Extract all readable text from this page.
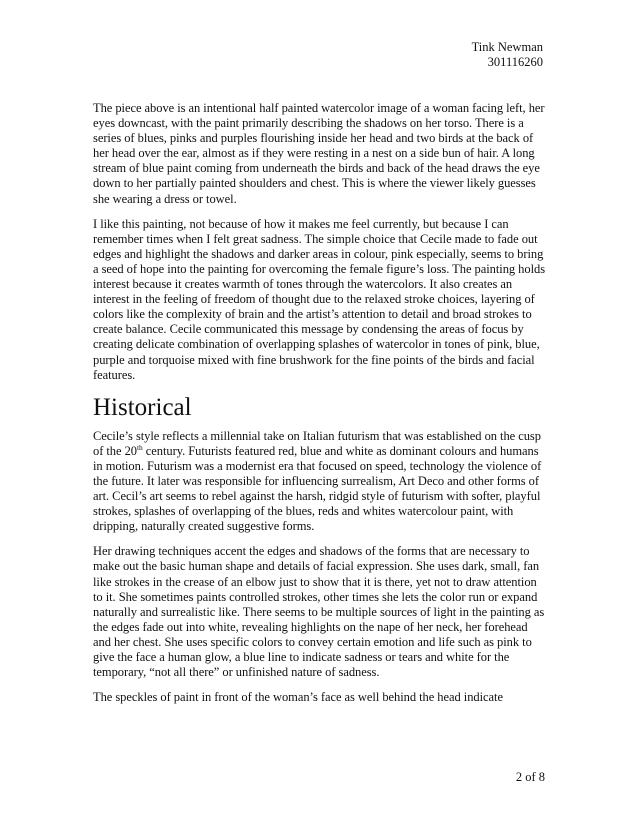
Tink Newman
301116260

The piece above is an intentional half painted watercolor image of a woman facing left, her eyes downcast, with the paint primarily describing the shadows on her torso. There is a series of blues, pinks and purples flourishing inside her head and two birds at the back of her head over the ear, almost as if they were resting in a nest on a side bun of hair. A long stream of blue paint coming from underneath the birds and back of the head draws the eye down to her partially painted shoulders and chest. This is where the viewer likely guesses she wearing a dress or towel.

I like this painting, not because of how it makes me feel currently, but because I can remember times when I felt great sadness. The simple choice that Cecile made to fade out edges and highlight the shadows and darker areas in colour, pink especially, seems to bring a seed of hope into the painting for overcoming the female figure’s loss. The painting holds interest because it creates warmth of tones through the watercolors. It also creates an interest in the feeling of freedom of thought due to the relaxed stroke choices, layering of colors like the complexity of brain and the artist’s attention to detail and broad strokes to create balance. Cecile communicated this message by condensing the areas of focus by creating delicate combination of overlapping splashes of watercolor in tones of pink, blue, purple and torquoise mixed with fine brushwork for the fine points of the birds and facial features.

Historical

Cecile’s style reflects a millennial take on Italian futurism that was established on the cusp of the 20th century. Futurists featured red, blue and white as dominant colours and humans in motion. Futurism was a modernist era that focused on speed, technology the violence of the future. It later was responsible for influencing surrealism, Art Deco and other forms of art. Cecil’s art seems to rebel against the harsh, ridgid style of futurism with softer, playful strokes, splashes of overlapping of the blues, reds and whites watercolour paint, with dripping, naturally created suggestive forms.

Her drawing techniques accent the edges and shadows of the forms that are necessary to make out the basic human shape and details of facial expression. She uses dark, small, fan like strokes in the crease of an elbow just to show that it is there, yet not to draw attention to it. She sometimes paints controlled strokes, other times she lets the color run or expand naturally and surrealistic like. There seems to be multiple sources of light in the painting as the edges fade out into white, revealing highlights on the nape of her neck, her forehead and her chest. She uses specific colors to convey certain emotion and life such as pink to give the face a human glow, a blue line to indicate sadness or tears and white for the temporary, “not all there” or unfinished nature of sadness.

The speckles of paint in front of the woman’s face as well behind the head indicate

2 of 8
